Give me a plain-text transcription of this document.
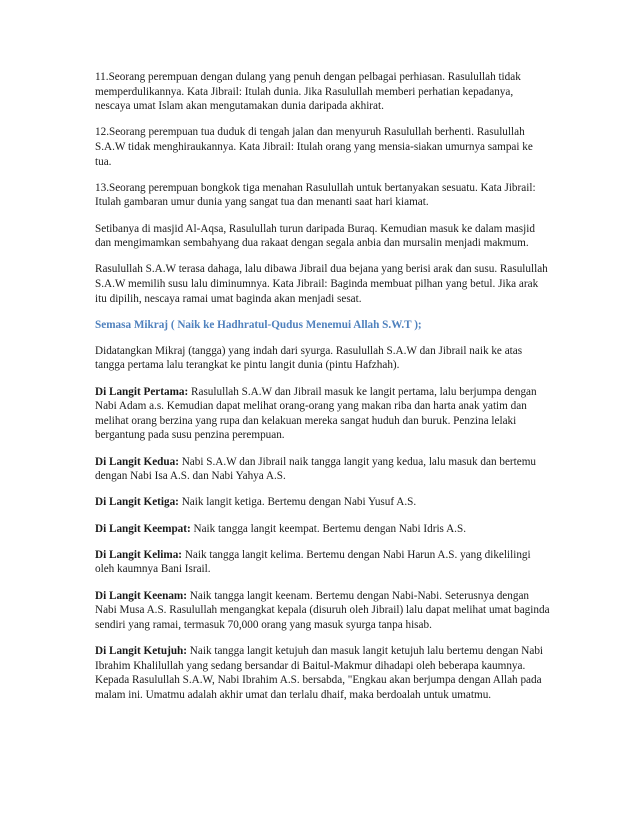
11.Seorang perempuan dengan dulang yang penuh dengan pelbagai perhiasan. Rasulullah tidak memperdulikannya. Kata Jibrail: Itulah dunia. Jika Rasulullah memberi perhatian kepadanya, nescaya umat Islam akan mengutamakan dunia daripada akhirat.

12.Seorang perempuan tua duduk di tengah jalan dan menyuruh Rasulullah berhenti. Rasulullah S.A.W tidak menghiraukannya. Kata Jibrail: Itulah orang yang mensia-siakan umurnya sampai ke tua.

13.Seorang perempuan bongkok tiga menahan Rasulullah untuk bertanyakan sesuatu. Kata Jibrail: Itulah gambaran umur dunia yang sangat tua dan menanti saat hari kiamat.

Setibanya di masjid Al-Aqsa, Rasulullah turun daripada Buraq. Kemudian masuk ke dalam masjid dan mengimamkan sembahyang dua rakaat dengan segala anbia dan mursalin menjadi makmum.

Rasulullah S.A.W terasa dahaga, lalu dibawa Jibrail dua bejana yang berisi arak dan susu. Rasulullah S.A.W memilih susu lalu diminumnya. Kata Jibrail: Baginda membuat pilhan yang betul. Jika arak itu dipilih, nescaya ramai umat baginda akan menjadi sesat.

Semasa Mikraj ( Naik ke Hadhratul-Qudus Menemui Allah S.W.T );

Didatangkan Mikraj (tangga) yang indah dari syurga. Rasulullah S.A.W dan Jibrail naik ke atas tangga pertama lalu terangkat ke pintu langit dunia (pintu Hafzhah).

Di Langit Pertama: Rasulullah S.A.W dan Jibrail masuk ke langit pertama, lalu berjumpa dengan Nabi Adam a.s. Kemudian dapat melihat orang-orang yang makan riba dan harta anak yatim dan melihat orang berzina yang rupa dan kelakuan mereka sangat huduh dan buruk. Penzina lelaki bergantung pada susu penzina perempuan.

Di Langit Kedua: Nabi S.A.W dan Jibrail naik tangga langit yang kedua, lalu masuk dan bertemu dengan Nabi Isa A.S. dan Nabi Yahya A.S.

Di Langit Ketiga: Naik langit ketiga. Bertemu dengan Nabi Yusuf A.S.

Di Langit Keempat: Naik tangga langit keempat. Bertemu dengan Nabi Idris A.S.

Di Langit Kelima: Naik tangga langit kelima. Bertemu dengan Nabi Harun A.S. yang dikelilingi oleh kaumnya Bani Israil.

Di Langit Keenam: Naik tangga langit keenam. Bertemu dengan Nabi-Nabi. Seterusnya dengan Nabi Musa A.S. Rasulullah mengangkat kepala (disuruh oleh Jibrail) lalu dapat melihat umat baginda sendiri yang ramai, termasuk 70,000 orang yang masuk syurga tanpa hisab.

Di Langit Ketujuh: Naik tangga langit ketujuh dan masuk langit ketujuh lalu bertemu dengan Nabi Ibrahim Khalilullah yang sedang bersandar di Baitul-Makmur dihadapi oleh beberapa kaumnya. Kepada Rasulullah S.A.W, Nabi Ibrahim A.S. bersabda, "Engkau akan berjumpa dengan Allah pada malam ini. Umatmu adalah akhir umat dan terlalu dhaif, maka berdoalah untuk umatmu.
